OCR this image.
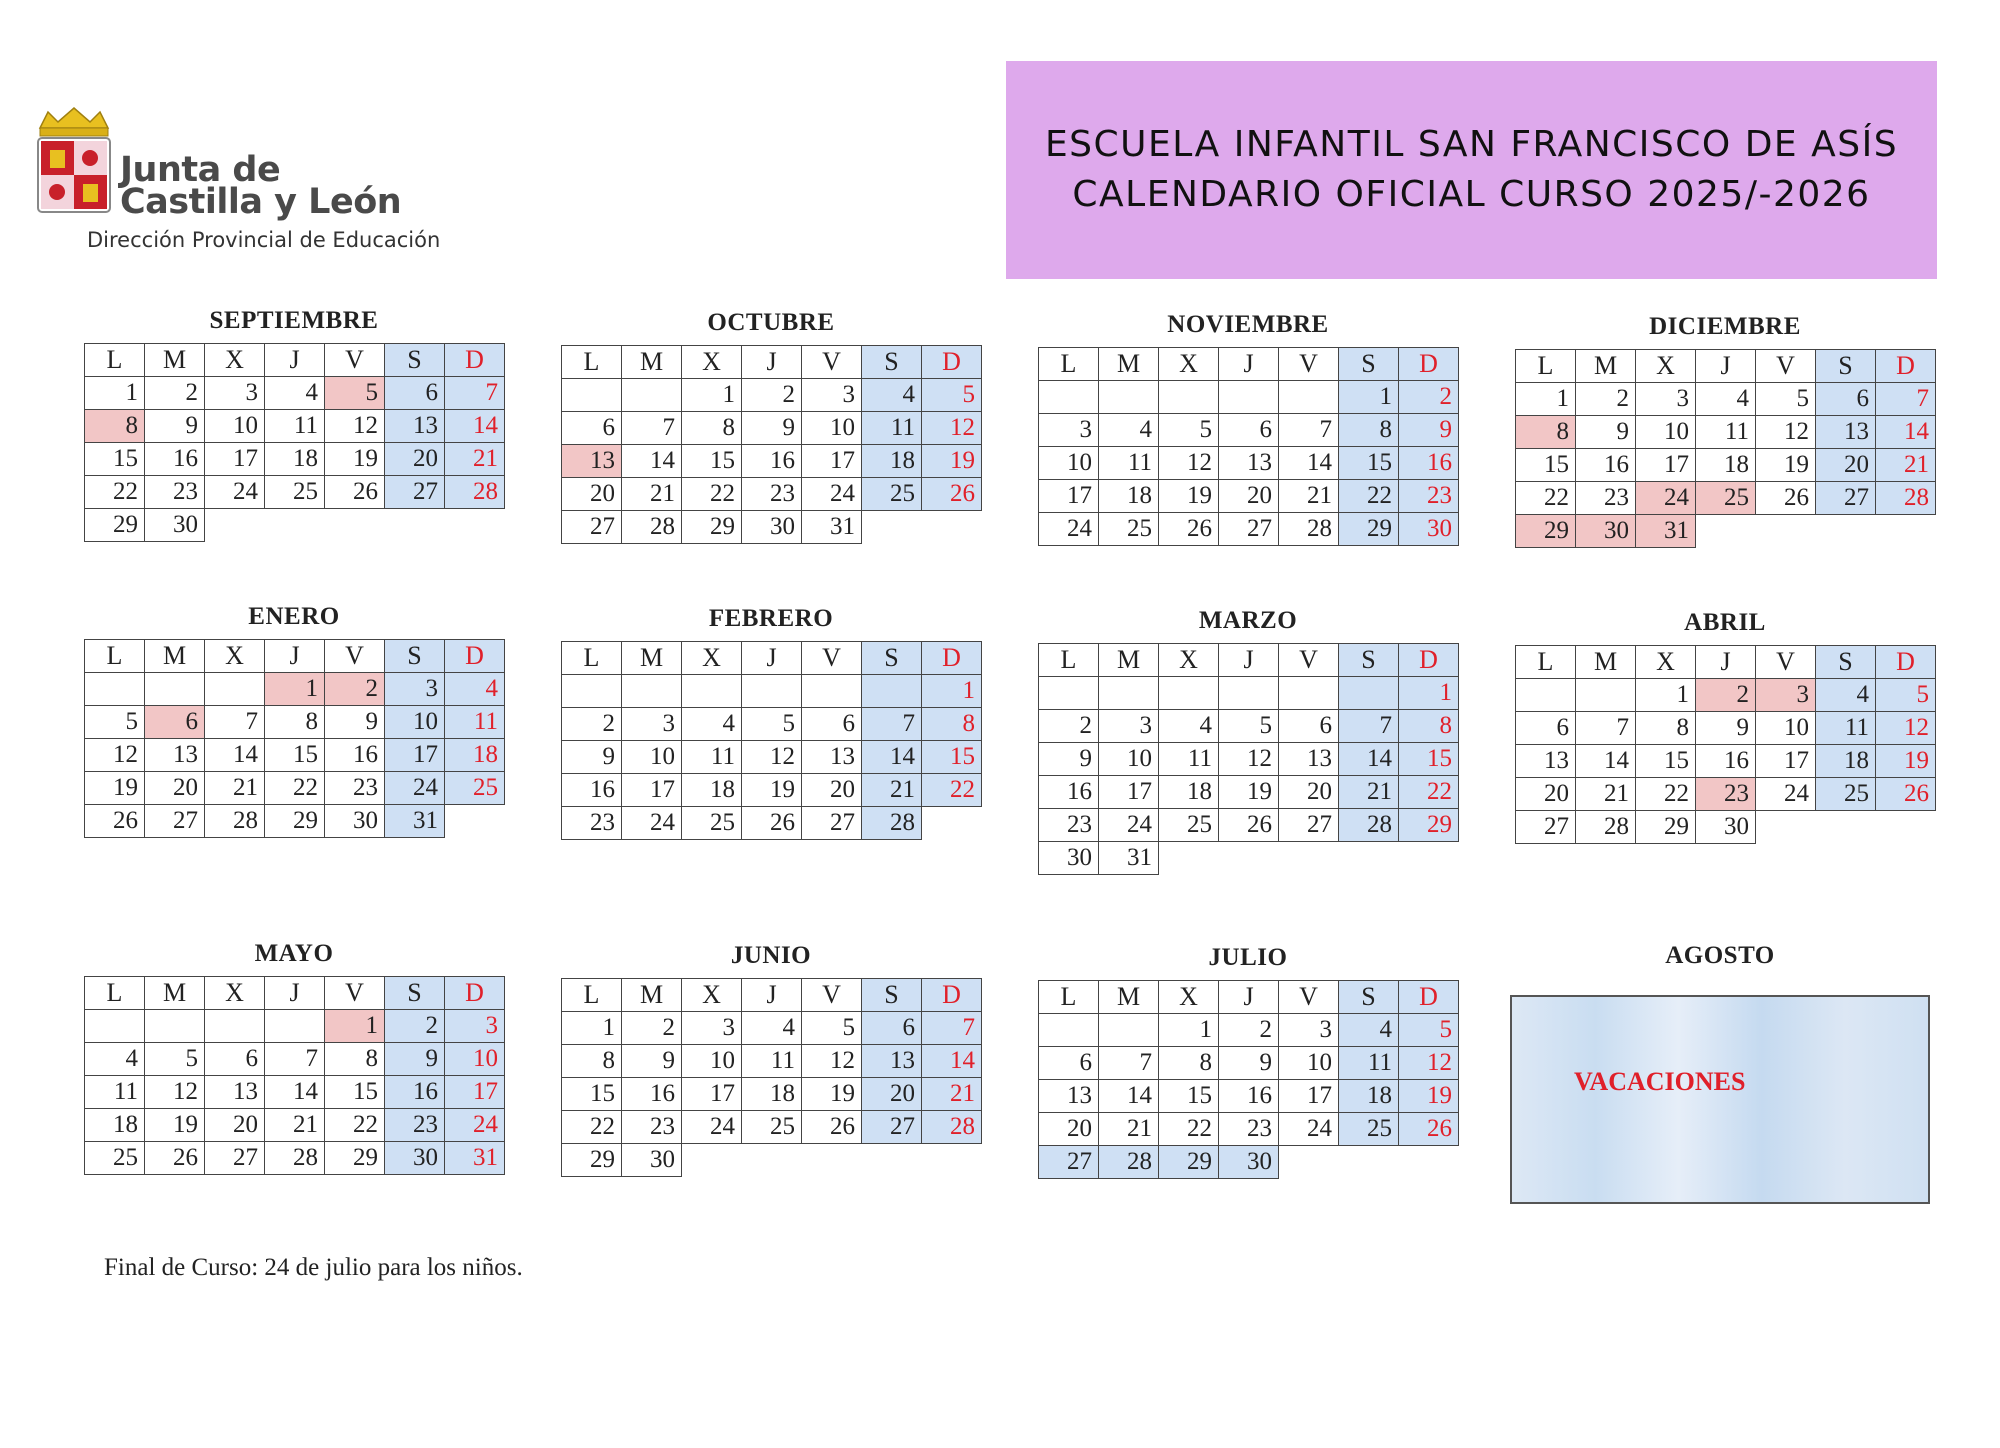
Junta de
Castilla y León
Dirección Provincial de Educación
ESCUELA INFANTIL SAN FRANCISCO DE ASÍS
CALENDARIO OFICIAL CURSO 2025/-2026
SEPTIEMBRE
L	M	X	J	V	S	D
1	2	3	4	5	6	7
8	9	10	11	12	13	14
15	16	17	18	19	20	21
22	23	24	25	26	27	28
29	30					
OCTUBRE
L	M	X	J	V	S	D
		1	2	3	4	5
6	7	8	9	10	11	12
13	14	15	16	17	18	19
20	21	22	23	24	25	26
27	28	29	30	31		
NOVIEMBRE
L	M	X	J	V	S	D
					1	2
3	4	5	6	7	8	9
10	11	12	13	14	15	16
17	18	19	20	21	22	23
24	25	26	27	28	29	30
DICIEMBRE
L	M	X	J	V	S	D
1	2	3	4	5	6	7
8	9	10	11	12	13	14
15	16	17	18	19	20	21
22	23	24	25	26	27	28
29	30	31				
ENERO
L	M	X	J	V	S	D
			1	2	3	4
5	6	7	8	9	10	11
12	13	14	15	16	17	18
19	20	21	22	23	24	25
26	27	28	29	30	31	
FEBRERO
L	M	X	J	V	S	D
						1
2	3	4	5	6	7	8
9	10	11	12	13	14	15
16	17	18	19	20	21	22
23	24	25	26	27	28	
MARZO
L	M	X	J	V	S	D
						1
2	3	4	5	6	7	8
9	10	11	12	13	14	15
16	17	18	19	20	21	22
23	24	25	26	27	28	29
30	31					
ABRIL
L	M	X	J	V	S	D
		1	2	3	4	5
6	7	8	9	10	11	12
13	14	15	16	17	18	19
20	21	22	23	24	25	26
27	28	29	30			
MAYO
L	M	X	J	V	S	D
				1	2	3
4	5	6	7	8	9	10
11	12	13	14	15	16	17
18	19	20	21	22	23	24
25	26	27	28	29	30	31
JUNIO
L	M	X	J	V	S	D
1	2	3	4	5	6	7
8	9	10	11	12	13	14
15	16	17	18	19	20	21
22	23	24	25	26	27	28
29	30					
JULIO
L	M	X	J	V	S	D
		1	2	3	4	5
6	7	8	9	10	11	12
13	14	15	16	17	18	19
20	21	22	23	24	25	26
27	28	29	30			
AGOSTO
VACACIONES
Final de Curso: 24 de julio para los niños.
